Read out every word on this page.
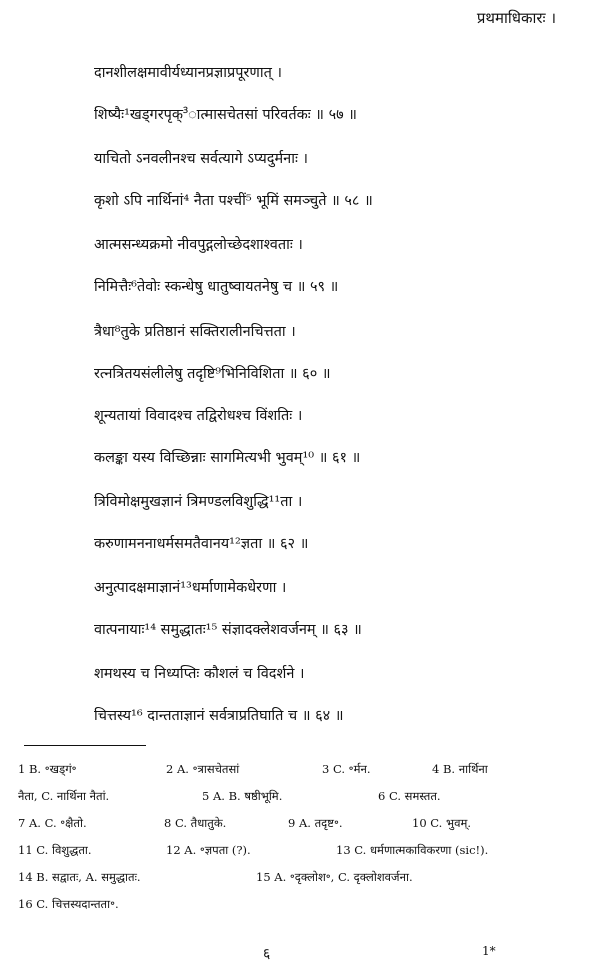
प्रथमाधिकारः ।
दानशीलक्षमावीर्यध्यानप्रज्ञाप्रपूरणात् ।
शिष्यैः¹खड्गरपृक्³ात्मासचेतसां परिवर्तकः ॥ ५७ ॥
याचितो ऽनवलीनश्च सर्वत्यागे ऽप्यदुर्मनाः ।
कृशो ऽपि नार्थिनां⁴ नैता पश्चीं⁵ भूमिं समञ्चुते ॥ ५८ ॥
आत्मसन्ध्यक्रमो नीवपुद्गलोच्छेदशाश्वताः ।
निमित्तैः⁶तेवोः स्कन्धेषु धातुष्वायतनेषु च ॥ ५९ ॥
त्रैधा⁸तुके प्रतिष्ठानं सक्तिरालीनचित्तता ।
रत्नत्रितयसंलीलेषु तदृष्टि⁹भिनिविशिता ॥ ६० ॥
शून्यतायां विवादश्च तद्विरोधश्च विंशतिः ।
कलङ्का यस्य विच्छिन्नाः सागमित्यभी भुवम्¹⁰ ॥ ६१ ॥
त्रिविमोक्षमुखज्ञानं त्रिमण्डलविशुद्धि¹¹ता ।
करुणामननाधर्मसमतैवानय¹²ज्ञता ॥ ६२ ॥
अनुत्पादक्षमाज्ञानं¹³धर्माणामेकधेरणा ।
वात्पनायाः¹⁴ समुद्धातः¹⁵ संज्ञादक्लेशवर्जनम् ॥ ६३ ॥
शमथस्य च निध्यप्तिः कौशलं च विदर्शने ।
चित्तस्य¹⁶ दान्तताज्ञानं सर्वत्राप्रतिघाति च ॥ ६४ ॥
1 B. ॰खड्गं॰	2 A. ॰त्रासचेतसां	3 C. ॰र्मन.	4 B. नार्थिना
नैता, C. नार्थिना नैतां.	5 A. B. षष्ठीभूमि.	6 C. समस्तत.
7 A. C. ॰क्षैतो.	8 C. तैधातुके.	9 A. तदृष्ट॰.	10 C. भुवम्.
11 C. विशुद्धता.	12 A. ॰ज्ञपता (?).	13 C. धर्मणात्मकाविकरणा (sic!).
14 B. सद्वातः, A. समुद्धातः.	15 A. ॰दृक्लोश॰, C. दृक्लोशवर्जना.
16 C. चित्तस्यदान्तता॰.
६	1*
